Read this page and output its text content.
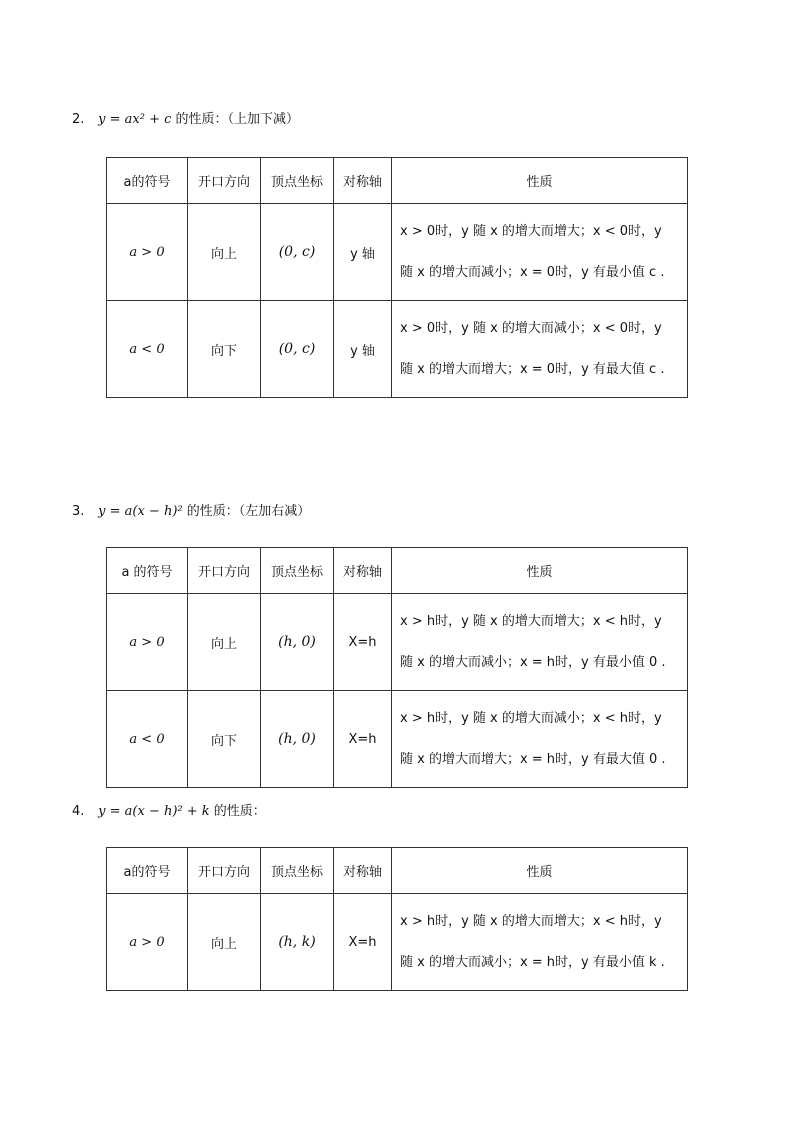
2. y = ax² + c 的性质：（上加下减）
a的符号	开口方向	顶点坐标	对称轴	性质
a > 0	向上	(0, c)	y 轴	x > 0时，y 随 x 的增大而增大；x < 0时，y
随 x 的增大而减小；x = 0时，y 有最小值 c .

a < 0	向下	(0, c)	y 轴	x > 0时，y 随 x 的增大而减小；x < 0时，y
随 x 的增大而增大；x = 0时，y 有最大值 c .
3. y = a(x − h)² 的性质：（左加右减）
a 的符号	开口方向	顶点坐标	对称轴	性质
a > 0	向上	(h, 0)	X=h	x > h时，y 随 x 的增大而增大；x < h时，y
随 x 的增大而减小；x = h时，y 有最小值 0 .

a < 0	向下	(h, 0)	X=h	x > h时，y 随 x 的增大而减小；x < h时，y
随 x 的增大而增大；x = h时，y 有最大值 0 .
4. y = a(x − h)² + k 的性质：
a的符号	开口方向	顶点坐标	对称轴	性质
a > 0	向上	(h, k)	X=h	x > h时，y 随 x 的增大而增大；x < h时，y
随 x 的增大而减小；x = h时，y 有最小值 k .
